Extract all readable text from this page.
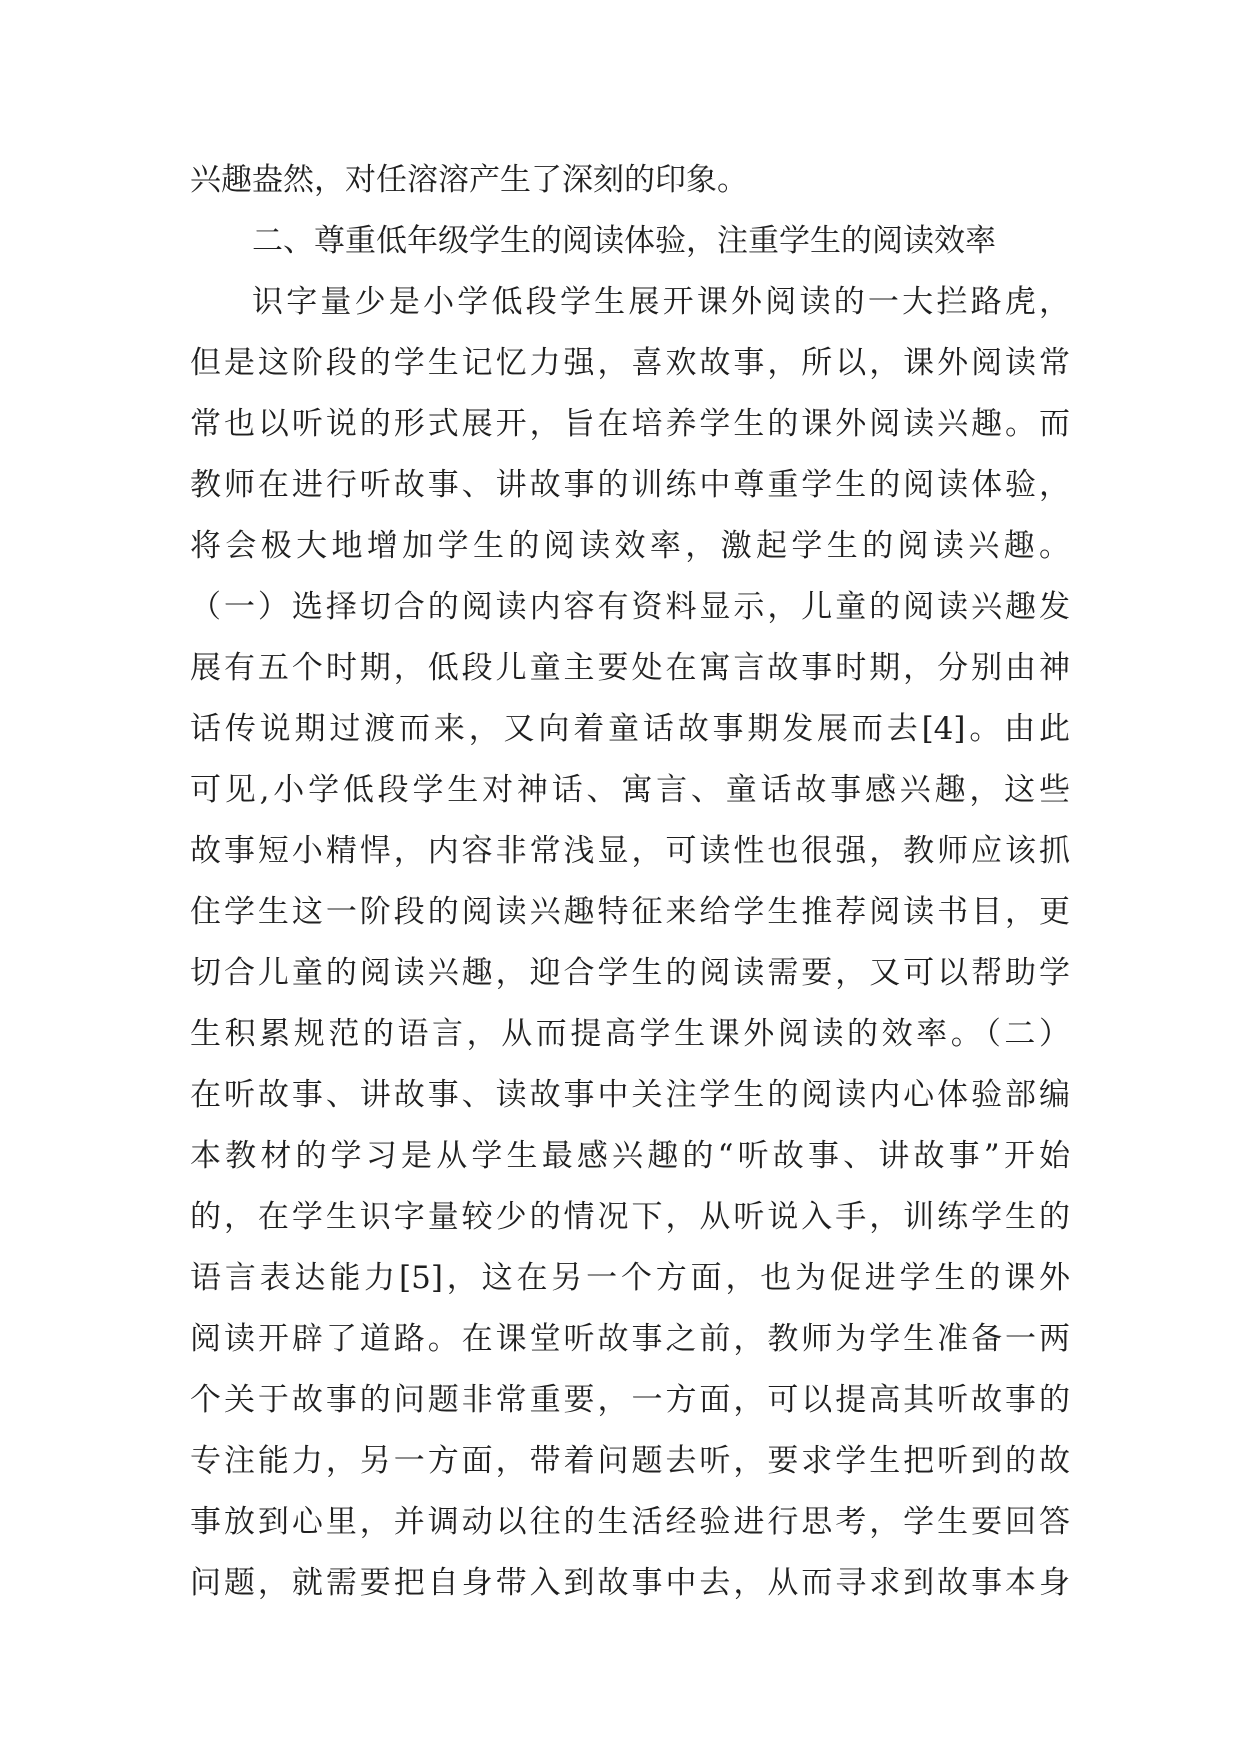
兴趣盎然，对任溶溶产生了深刻的印象。
二、尊重低年级学生的阅读体验，注重学生的阅读效率
识字量少是小学低段学生展开课外阅读的一大拦路虎，
但是这阶段的学生记忆力强，喜欢故事，所以，课外阅读常
常也以听说的形式展开，旨在培养学生的课外阅读兴趣。而
教师在进行听故事、讲故事的训练中尊重学生的阅读体验，
将会极大地增加学生的阅读效率，激起学生的阅读兴趣。
（一）选择切合的阅读内容有资料显示，儿童的阅读兴趣发
展有五个时期，低段儿童主要处在寓言故事时期，分别由神
话传说期过渡而来，又向着童话故事期发展而去[4]。由此
可见,小学低段学生对神话、寓言、童话故事感兴趣，这些
故事短小精悍，内容非常浅显，可读性也很强，教师应该抓
住学生这一阶段的阅读兴趣特征来给学生推荐阅读书目，更
切合儿童的阅读兴趣，迎合学生的阅读需要，又可以帮助学
生积累规范的语言，从而提高学生课外阅读的效率。（二）
在听故事、讲故事、读故事中关注学生的阅读内心体验部编
本教材的学习是从学生最感兴趣的“听故事、讲故事”开始
的，在学生识字量较少的情况下，从听说入手，训练学生的
语言表达能力[5]，这在另一个方面，也为促进学生的课外
阅读开辟了道路。在课堂听故事之前，教师为学生准备一两
个关于故事的问题非常重要，一方面，可以提高其听故事的
专注能力，另一方面，带着问题去听，要求学生把听到的故
事放到心里，并调动以往的生活经验进行思考，学生要回答
问题，就需要把自身带入到故事中去，从而寻求到故事本身
